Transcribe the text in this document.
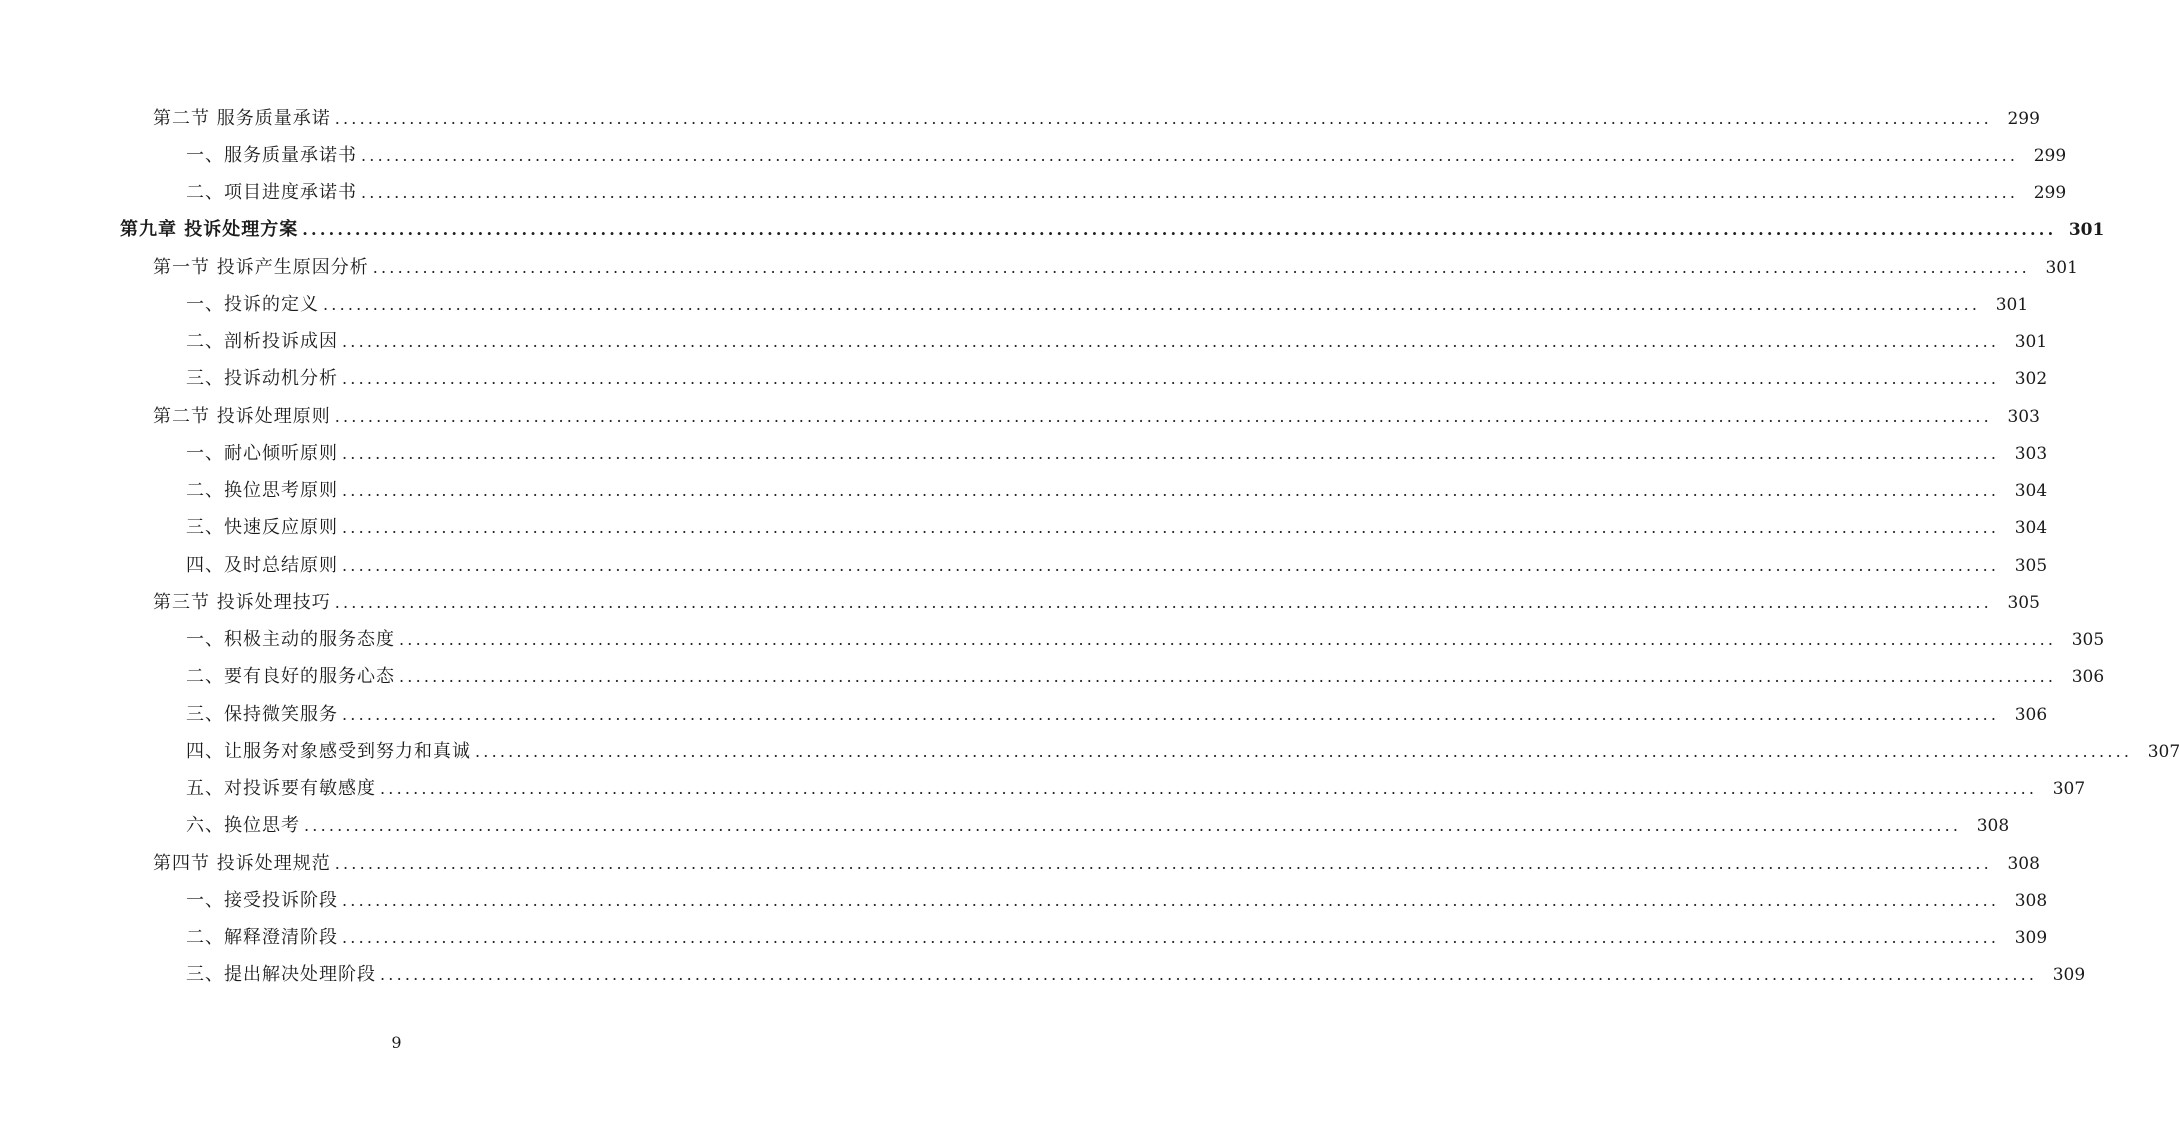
第二节 服务质量承诺 ........................................................................................................................................................................................................ 299
一、服务质量承诺书 ........................................................................................................................................................................................................ 299
二、项目进度承诺书 ........................................................................................................................................................................................................ 299
第九章 投诉处理方案 ........................................................................................................................................................................................................ 301
第一节 投诉产生原因分析 ........................................................................................................................................................................................................ 301
一、投诉的定义 ........................................................................................................................................................................................................ 301
二、剖析投诉成因 ........................................................................................................................................................................................................ 301
三、投诉动机分析 ........................................................................................................................................................................................................ 302
第二节 投诉处理原则 ........................................................................................................................................................................................................ 303
一、耐心倾听原则 ........................................................................................................................................................................................................ 303
二、换位思考原则 ........................................................................................................................................................................................................ 304
三、快速反应原则 ........................................................................................................................................................................................................ 304
四、及时总结原则 ........................................................................................................................................................................................................ 305
第三节 投诉处理技巧 ........................................................................................................................................................................................................ 305
一、积极主动的服务态度 ........................................................................................................................................................................................................ 305
二、要有良好的服务心态 ........................................................................................................................................................................................................ 306
三、保持微笑服务 ........................................................................................................................................................................................................ 306
四、让服务对象感受到努力和真诚 ........................................................................................................................................................................................................ 307
五、对投诉要有敏感度 ........................................................................................................................................................................................................ 307
六、换位思考 ........................................................................................................................................................................................................ 308
第四节 投诉处理规范 ........................................................................................................................................................................................................ 308
一、接受投诉阶段 ........................................................................................................................................................................................................ 308
二、解释澄清阶段 ........................................................................................................................................................................................................ 309
三、提出解决处理阶段 ........................................................................................................................................................................................................ 309
9
